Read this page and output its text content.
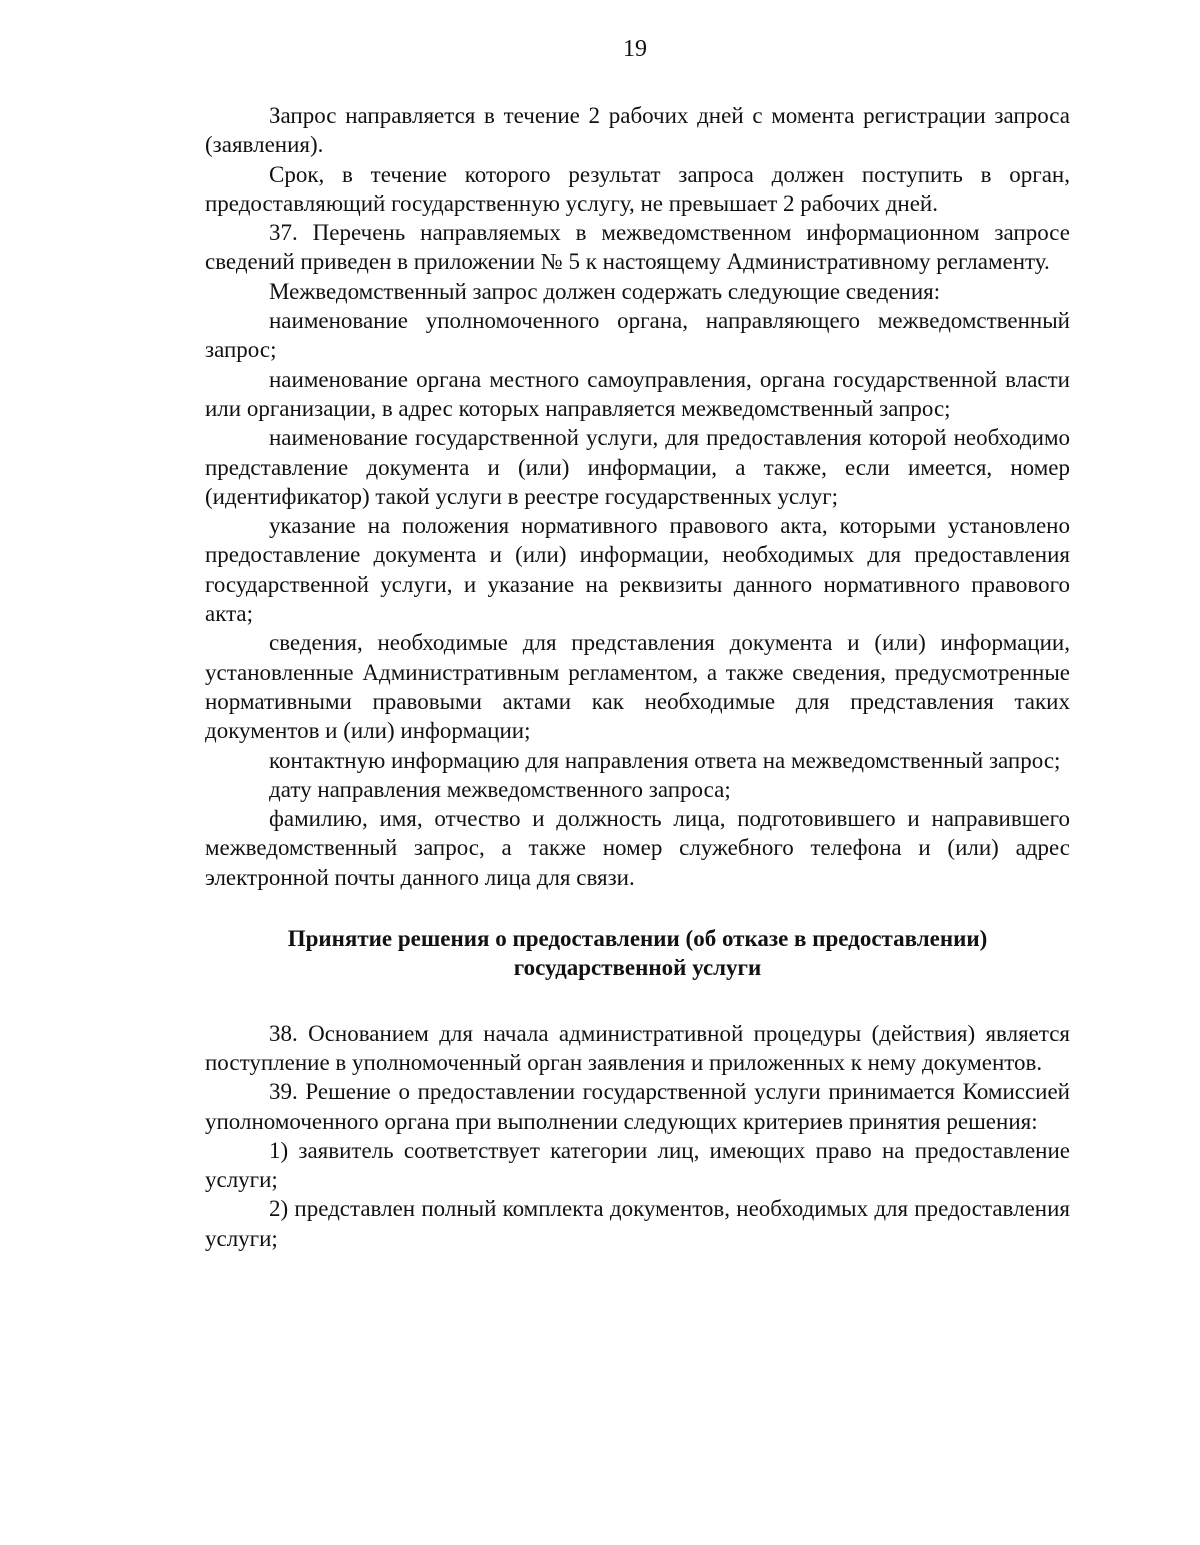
19

Запрос направляется в течение 2 рабочих дней с момента регистрации запроса (заявления).

Срок, в течение которого результат запроса должен поступить в орган, предоставляющий государственную услугу, не превышает 2 рабочих дней.

37. Перечень направляемых в межведомственном информационном запросе сведений приведен в приложении № 5 к настоящему Административному регламенту.

Межведомственный запрос должен содержать следующие сведения:

наименование уполномоченного органа, направляющего межведомственный запрос;

наименование органа местного самоуправления, органа государственной власти или организации, в адрес которых направляется межведомственный запрос;

наименование государственной услуги, для предоставления которой необходимо представление документа и (или) информации, а также, если имеется, номер (идентификатор) такой услуги в реестре государственных услуг;

указание на положения нормативного правового акта, которыми установлено предоставление документа и (или) информации, необходимых для предоставления государственной услуги, и указание на реквизиты данного нормативного правового акта;

сведения, необходимые для представления документа и (или) информации, установленные Административным регламентом, а также сведения, предусмотренные нормативными правовыми актами как необходимые для представления таких документов и (или) информации;

контактную информацию для направления ответа на межведомственный запрос;

дату направления межведомственного запроса;

фамилию, имя, отчество и должность лица, подготовившего и направившего межведомственный запрос, а также номер служебного телефона и (или) адрес электронной почты данного лица для связи.

Принятие решения о предоставлении (об отказе в предоставлении) государственной услуги

38. Основанием для начала административной процедуры (действия) является поступление в уполномоченный орган заявления и приложенных к нему документов.

39. Решение о предоставлении государственной услуги принимается Комиссией уполномоченного органа при выполнении следующих критериев принятия решения:

1) заявитель соответствует категории лиц, имеющих право на предоставление услуги;

2) представлен полный комплекта документов, необходимых для предоставления услуги;
